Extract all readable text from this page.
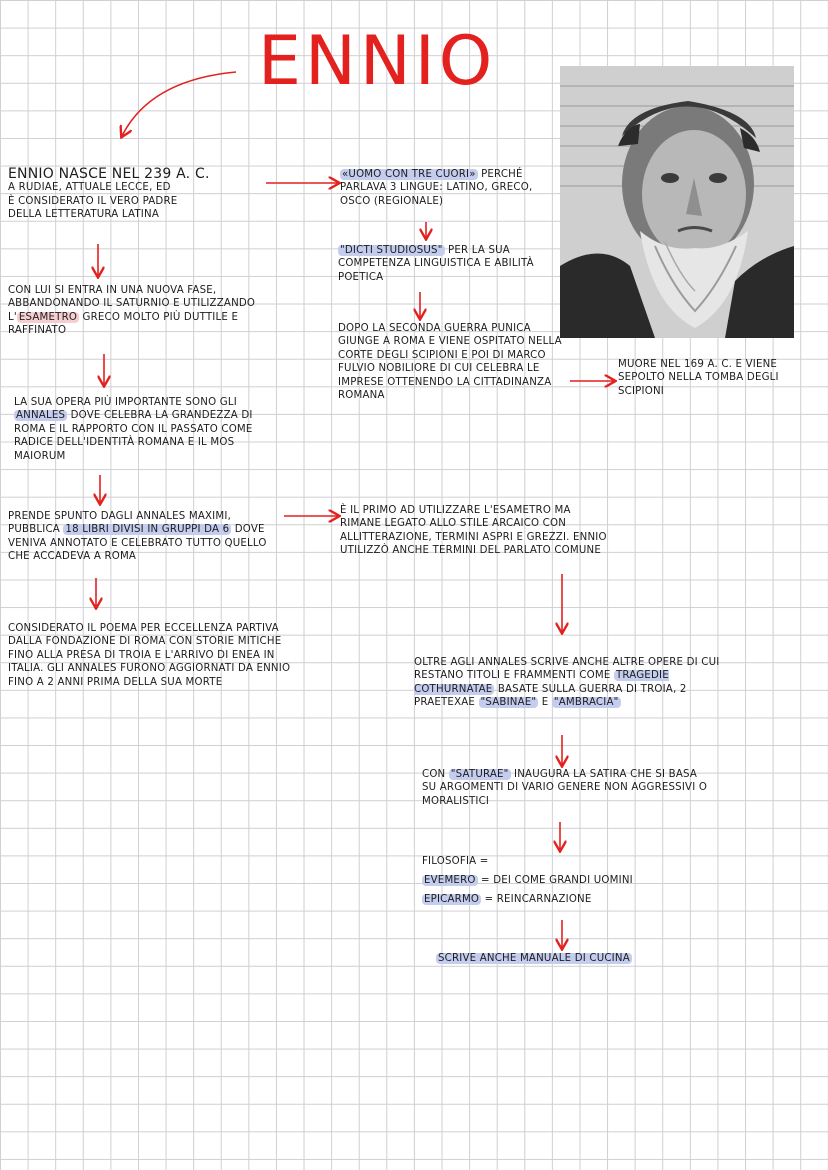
ENNIO

ENNIO NASCE NEL 239 A. C.

A RUDIAE, ATTUALE LECCE, ED

È CONSIDERATO IL VERO PADRE

DELLA LETTERATURA LATINA

CON LUI SI ENTRA IN UNA NUOVA FASE, ABBANDONANDO IL SATURNIO E UTILIZZANDO L' ESAMETRO GRECO MOLTO PIÙ DUTTILE E RAFFINATO
LA SUA OPERA PIÙ IMPORTANTE SONO GLI ANNALES DOVE CELEBRA LA GRANDEZZA DI ROMA E IL RAPPORTO CON IL PASSATO COME RADICE DELL'IDENTITÀ ROMANA E IL MOS MAIORUM
PRENDE SPUNTO DAGLI ANNALES MAXIMI, PUBBLICA 18 LIBRI DIVISI IN GRUPPI DA 6 DOVE VENIVA ANNOTATO E CELEBRATO TUTTO QUELLO CHE ACCADEVA A ROMA
CONSIDERATO IL POEMA PER ECCELLENZA PARTIVA DALLA FONDAZIONE DI ROMA CON STORIE MITICHE FINO ALLA PRESA DI TROIA E L'ARRIVO DI ENEA IN ITALIA. GLI ANNALES FURONO AGGIORNATI DA ENNIO FINO A 2 ANNI PRIMA DELLA SUA MORTE
«UOMO CON TRE CUORI» PERCHÉ PARLAVA 3 LINGUE: LATINO, GRECO, OSCO (REGIONALE)
"DICTI STUDIOSUS" PER LA SUA COMPETENZA LINGUISTICA E ABILITÀ POETICA
DOPO LA SECONDA GUERRA PUNICA GIUNGE A ROMA E VIENE OSPITATO NELLA CORTE DEGLI SCIPIONI E POI DI MARCO FULVIO NOBILIORE DI CUI CELEBRA LE IMPRESE OTTENENDO LA CITTADINANZA ROMANA
MUORE NEL 169 A. C. E VIENE SEPOLTO NELLA TOMBA DEGLI SCIPIONI
È IL PRIMO AD UTILIZZARE L'ESAMETRO MA RIMANE LEGATO ALLO STILE ARCAICO CON ALLITTERAZIONE, TERMINI ASPRI E GREZZI. ENNIO UTILIZZÒ ANCHE TERMINI DEL PARLATO COMUNE
OLTRE AGLI ANNALES SCRIVE ANCHE ALTRE OPERE DI CUI RESTANO TITOLI E FRAMMENTI COME TRAGEDIE COTHURNATAE BASATE SULLA GUERRA DI TROIA, 2 PRAETEXAE "SABINAE" E "AMBRACIA"
CON "SATURAE" INAUGURA LA SATIRA CHE SI BASA SU ARGOMENTI DI VARIO GENERE NON AGGRESSIVI O MORALISTICI

FILOSOFIA =

EVEMERO = DEI COME GRANDI UOMINI

EPICARMO = REINCARNAZIONE

SCRIVE ANCHE MANUALE DI CUCINA
